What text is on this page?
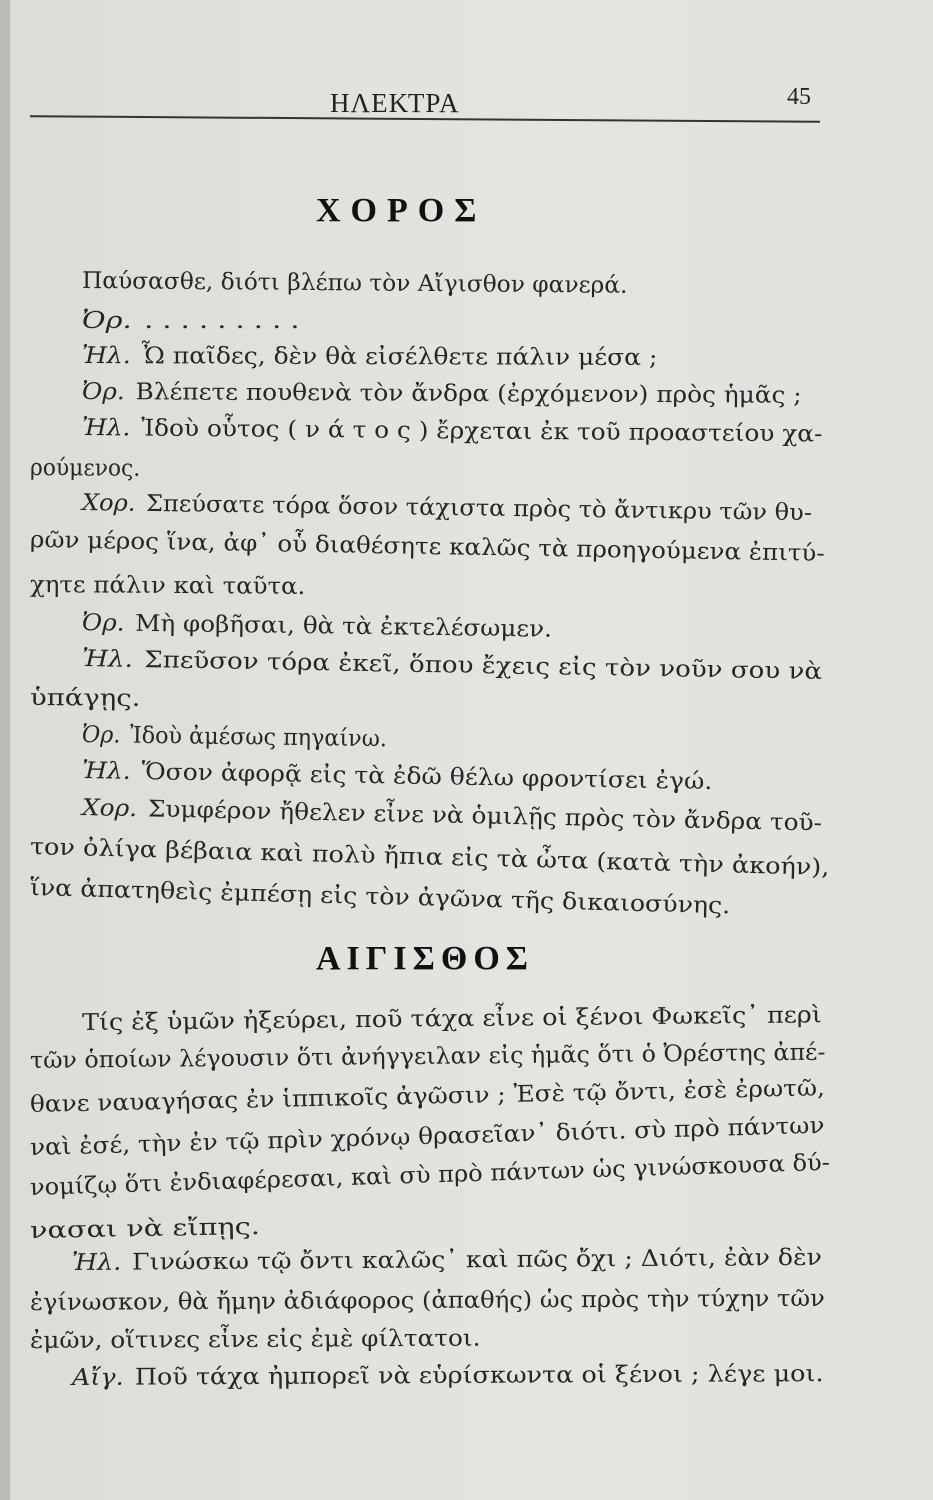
ΗΛΕΚΤΡΑ	45
ΧΟΡΟΣ
ΑΙΓΙΣΘΟΣ
Παύσασθε, διότι βλέπω τὸν Αἴγισθον φανερά.
Ὀρ. . . . . . . . . .
Ἠλ. Ὦ παῖδες, δὲν θὰ εἰσέλθετε πάλιν μέσα ;
Ὀρ. Βλέπετε πουθενὰ τὸν ἄνδρα (ἐρχόμενον) πρὸς ἡμᾶς ;
Ἠλ. Ἰδοὺ οὗτος ( ν ά τ ο ς ) ἔρχεται ἐκ τοῦ προαστείου χα-
ρούμενος.
Χορ. Σπεύσατε τόρα ὅσον τάχιστα πρὸς τὸ ἄντικρυ τῶν θυ-
ρῶν μέρος ἵνα, ἀφ᾽ οὗ διαθέσητε καλῶς τὰ προηγούμενα ἐπιτύ-
χητε πάλιν καὶ ταῦτα.
Ὀρ. Μὴ φοβῆσαι, θὰ τὰ ἐκτελέσωμεν.
Ἠλ. Σπεῦσον τόρα ἐκεῖ, ὅπου ἔχεις εἰς τὸν νοῦν σου νὰ
ὑπάγῃς.
Ὀρ. Ἰδοὺ ἀμέσως πηγαίνω.
Ἠλ. Ὅσον ἀφορᾷ εἰς τὰ ἐδῶ θέλω φροντίσει ἐγώ.
Χορ. Συμφέρον ἤθελεν εἶνε νὰ ὁμιλῇς πρὸς τὸν ἄνδρα τοῦ-
τον ὀλίγα βέβαια καὶ πολὺ ἤπια εἰς τὰ ὦτα (κατὰ τὴν ἀκοήν),
ἵνα ἀπατηθεὶς ἐμπέσῃ εἰς τὸν ἀγῶνα τῆς δικαιοσύνης.
Τίς ἐξ ὑμῶν ἠξεύρει, ποῦ τάχα εἶνε οἱ ξένοι Φωκεῖς᾽ περὶ
τῶν ὁποίων λέγουσιν ὅτι ἀνήγγειλαν εἰς ἡμᾶς ὅτι ὁ Ὀρέστης ἀπέ-
θανε ναυαγήσας ἐν ἱππικοῖς ἀγῶσιν ; Ἐσὲ τῷ ὄντι, ἐσὲ ἐρωτῶ,
ναὶ ἐσέ, τὴν ἐν τῷ πρὶν χρόνῳ θρασεῖαν᾽ διότι. σὺ πρὸ πάντων
νομίζῳ ὅτι ἐνδιαφέρεσαι, καὶ σὺ πρὸ πάντων ὡς γινώσκουσα δύ-
νασαι νὰ εἴπῃς.
Ἠλ. Γινώσκω τῷ ὄντι καλῶς᾽ καὶ πῶς ὄχι ; Διότι, ἐὰν δὲν
ἐγίνωσκον, θὰ ἤμην ἀδιάφορος (ἀπαθής) ὡς πρὸς τὴν τύχην τῶν
ἐμῶν, οἵτινες εἶνε εἰς ἐμὲ φίλτατοι.
Αἴγ. Ποῦ τάχα ἠμπορεῖ νὰ εὑρίσκωντα οἱ ξένοι ; λέγε μοι.
